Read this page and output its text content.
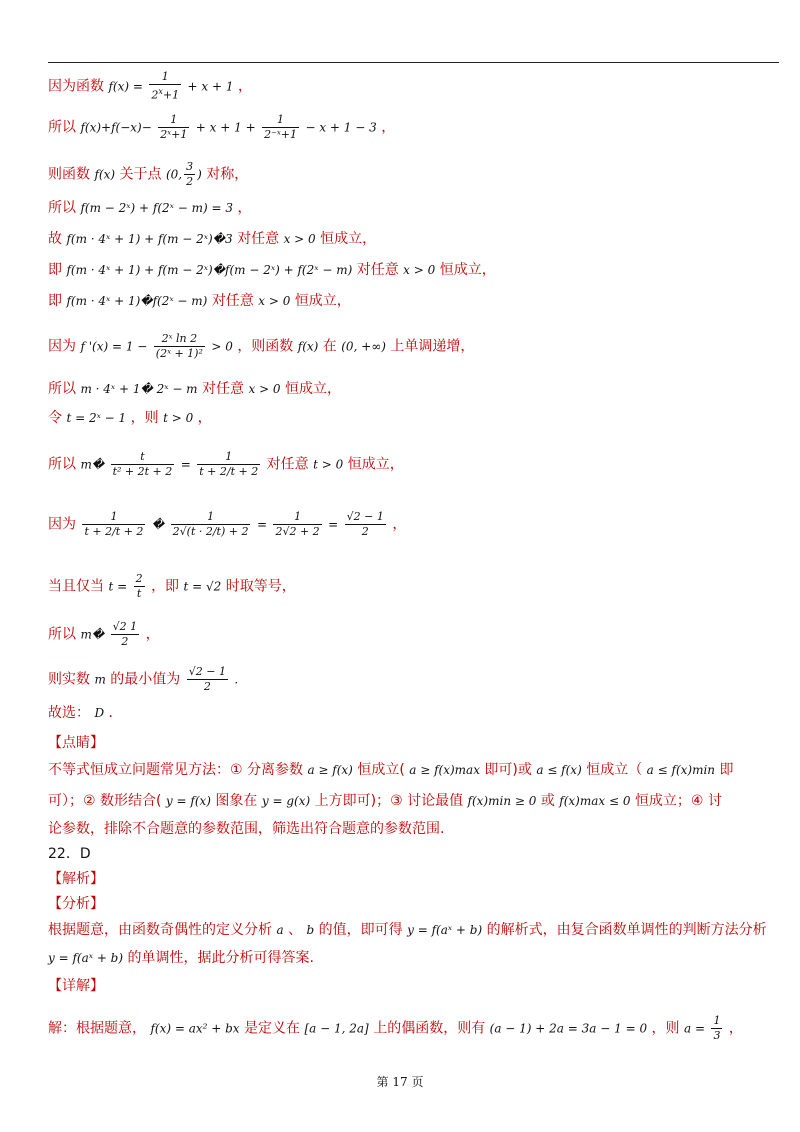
因为函数 $f(x) = \frac{1}{2^x+1} + x + 1$ ，
所以 $f(x)+f(-x)- \frac{1}{\text{2ˣ+1}} + x + 1 + \frac{1}{\text{2⁻ˣ+1}} - x + 1 - 3$ ，
则函数 f(x) 关于点 (0, $\frac{3}{2}$ ) 对称，
所以 f(m − 2ˣ) + f(2ˣ − m) = 3 ，
故 f(m · 4ˣ + 1) + f(m − 2ˣ)�3 对任意 x > 0 恒成立，
即 f(m · 4ˣ + 1) + f(m − 2ˣ)�f(m − 2ˣ) + f(2ˣ − m) 对任意 x > 0 恒成立，
即 f(m · 4ˣ + 1)�f(2ˣ − m) 对任意 x > 0 恒成立，
因为 f '$(x) = 1 - \frac{\text{2ˣ ln 2}}{\text{(2ˣ + 1)²}} > 0$ ，则函数 f(x) 在 (0, +∞) 上单调递增，
所以 m · 4ˣ + 1� 2ˣ − m 对任意 x > 0 恒成立，
令 t = 2ˣ − 1 ，则 t > 0 ，
所以 m� $\frac{t}{\text{t² + 2t + 2}} = \frac{1}{t + 2/t + 2}$ 对任意 t > 0 恒成立，
因为 $\frac{1}{t + 2/t + 2}$ � $\frac{1}{2√(t \cdot 2/t) + 2} = \frac{1}{2√2 + 2} = \frac{√2 - 1}{2}$ ，
当且仅当 $t = \frac{2}{t}$ ，即 t = √2 时取等号，
所以 m� $\frac{√2 1}{2}$ ，
则实数 m 的最小值为 $\frac{√2 - 1}{2}$ .
故选： D ．
【点睛】
不等式恒成立问题常见方法：① 分离参数 a ≥ f(x) 恒成立( a ≥ f(x)max 即可)或 a ≤ f(x) 恒成立（ a ≤ f(x)min 即
可）；② 数形结合( y = f(x) 图象在 y = g(x) 上方即可)；③ 讨论最值 f(x)min ≥ 0 或 f(x)max ≤ 0 恒成立；④ 讨
论参数，排除不合题意的参数范围，筛选出符合题意的参数范围.
22．D
【解析】
【分析】
根据题意，由函数奇偶性的定义分析 a 、 b 的值，即可得 y = f(aˣ + b) 的解析式，由复合函数单调性的判断方法分析
y = f(aˣ + b) 的单调性，据此分析可得答案.
【详解】
解：根据题意， f(x) = ax² + bx 是定义在 [a − 1, 2a] 上的偶函数，则有 (a − 1) + 2a = 3a − 1 = 0 ，则 $a = \frac{1}{3}$ ，
第 17 页
